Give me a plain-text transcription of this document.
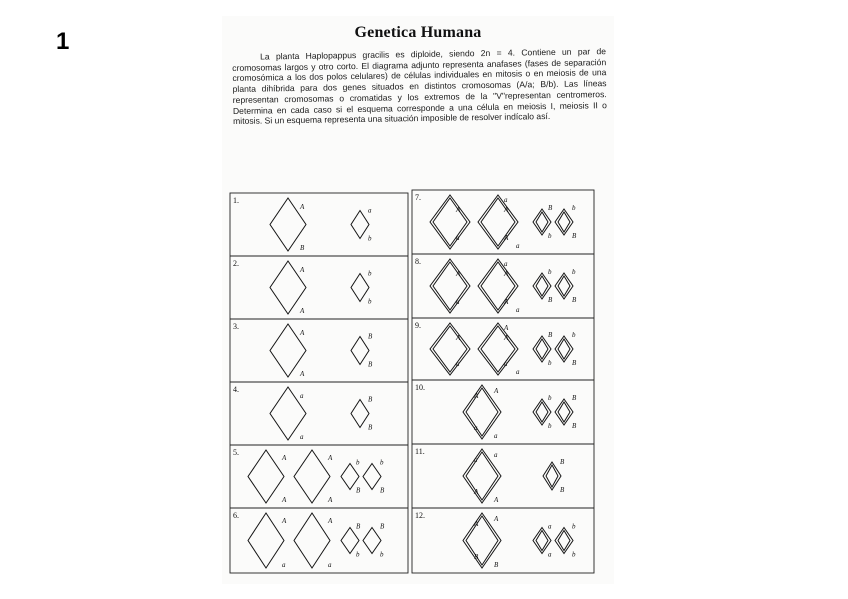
1	Genetica Humana

La planta Haplopappus gracilis es diploide, siendo 2n = 4. Contiene un par de cromosomas largos y otro corto. El diagrama adjunto representa anafases (fases de separación cromosómica a los dos polos celulares) de células individuales en mitosis o en meiosis de una planta dihíbrida para dos genes situados en distintos cromosomas (A/a; B/b). Las líneas representan cromosomas o cromatidas y los extremos de la "V"representan centromeros. Determina en cada caso si el esquema corresponde a una célula en meiosis I, meiosis II o mitosis. Si un esquema representa una situación imposible de resolver indícalo así.

1.
A
B
a
b
2.
A
A
b
b
3.
A
A
B
B
4.
a
a
B
B
5.
A	A
A	A
b
B
b
B
6.
A	A
a	a
B
b
B
b
7.
A
a
a
A
A
a
B
b
b
B
8.
A
a
a
A
A
a
b
B
b
B
9.
A
a
A
A
a
a
B
b
b
B
10.
A
A
a
a
b
b
B
B
11.
a
a
A
A
B
B
12.
A
A
B
B
a
a
b
b
